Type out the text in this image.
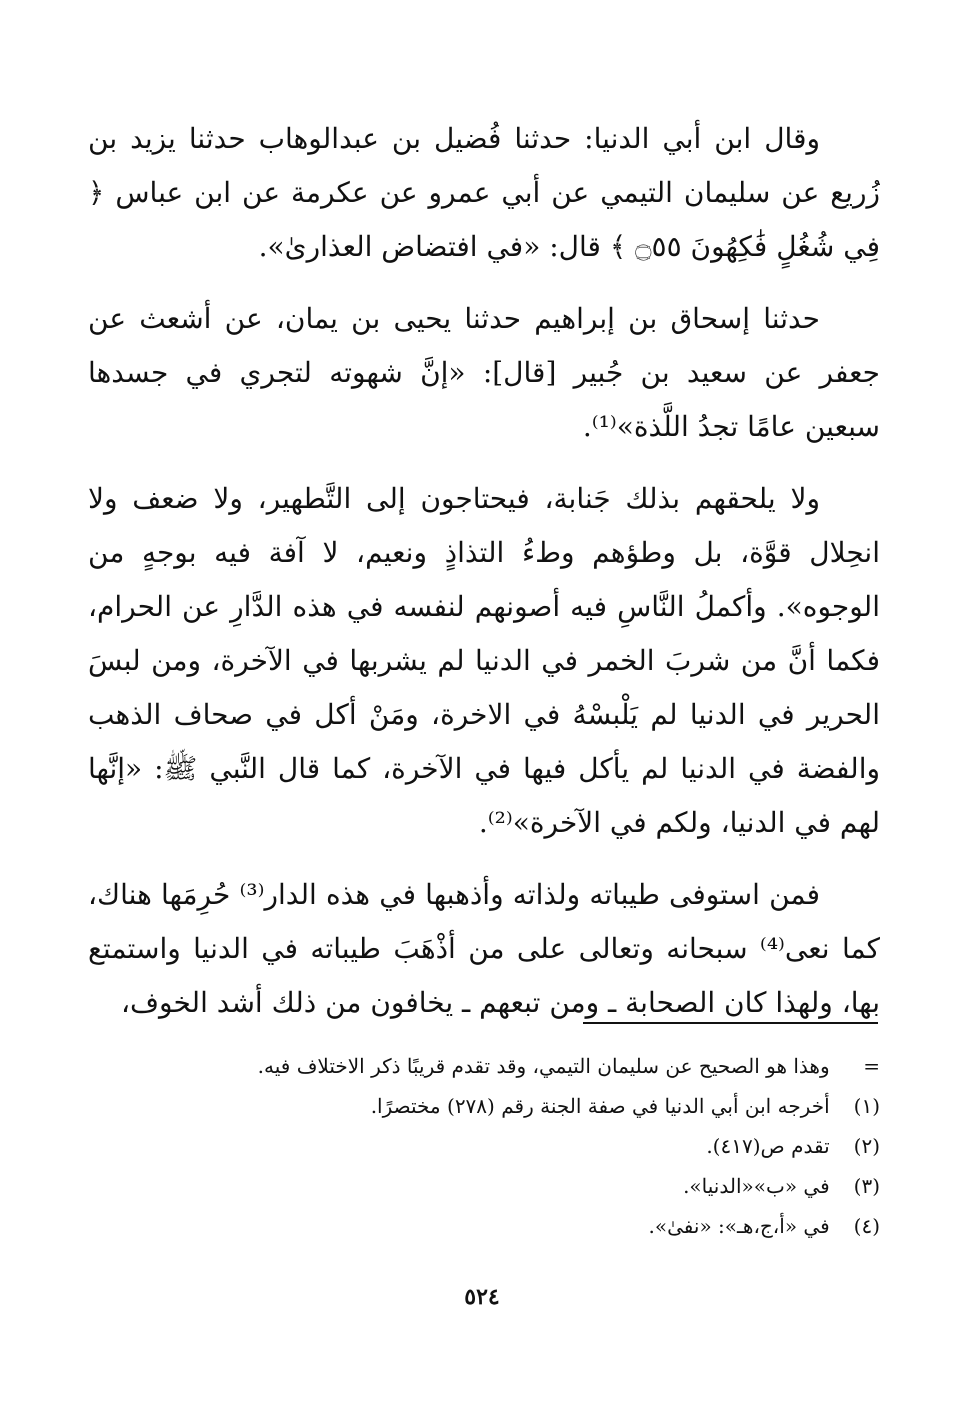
وقال ابن أبي الدنيا: حدثنا فُضيل بن عبدالوهاب حدثنا يزيد بن زُريع عن سليمان التيمي عن أبي عمرو عن عكرمة عن ابن عباس ﴿ فِي شُغُلٍ فَٰكِهُونَ ۝٥٥ ﴾ قال: «في افتضاض العذارىٰ».

حدثنا إسحاق بن إبراهيم حدثنا يحيى بن يمان، عن أشعث عن جعفر عن سعيد بن جُبير [قال]: «إنَّ شهوته لتجري في جسدها سبعين عامًا تجدُ اللَّذة»⁽¹⁾.

ولا يلحقهم بذلك جَنابة، فيحتاجون إلى التَّطهير، ولا ضعف ولا انحِلال قوَّة، بل وطؤهم وطءُ التذاذٍ ونعيم، لا آفة فيه بوجهٍ من الوجوه». وأكملُ النَّاسِ فيه أصونهم لنفسه في هذه الدَّارِ عن الحرام، فكما أنَّ من شربَ الخمر في الدنيا لم يشربها في الآخرة، ومن لبسَ الحرير في الدنيا لم يَلْبسْهُ في الاخرة، ومَنْ أكل في صحاف الذهب والفضة في الدنيا لم يأكل فيها في الآخرة، كما قال النَّبي ﷺ: «إنَّها لهم في الدنيا، ولكم في الآخرة»⁽²⁾.

فمن استوفى طيباته ولذاته وأذهبها في هذه الدار⁽³⁾ حُرِمَها هناك، كما نعى⁽⁴⁾ سبحانه وتعالى على من أذْهَبَ طيباته في الدنيا واستمتع بها، ولهذا كان الصحابة ـ ومن تبعهم ـ يخافون من ذلك أشد الخوف،

= وهذا هو الصحيح عن سليمان التيمي، وقد تقدم قريبًا ذكر الاختلاف فيه.
(١) أخرجه ابن أبي الدنيا في صفة الجنة رقم (٢٧٨) مختصرًا.
(٢) تقدم ص(٤١٧).
(٣) في «ب»«الدنيا».
(٤) في «أ،ج،هـ»: «نفىٰ».
٥٢٤
